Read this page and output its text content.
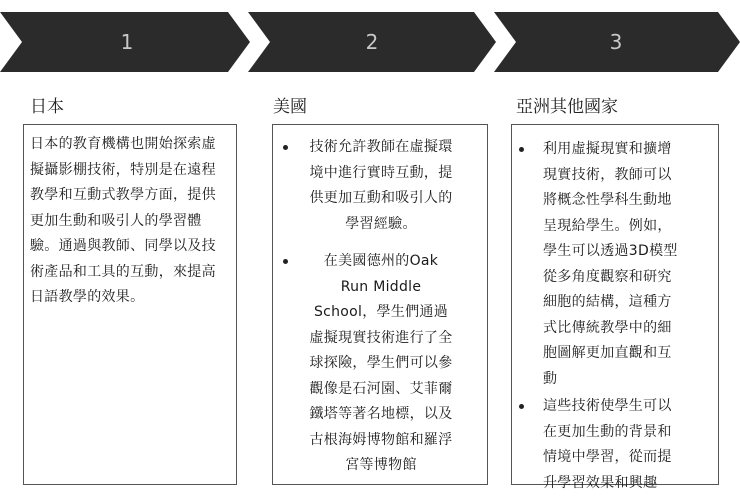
1	2	3
日本	美國	亞洲其他國家

日本的教育機構也開始探索虛擬攝影棚技術，特別是在遠程教學和互動式教學方面，提供更加生動和吸引人的學習體驗。通過與教師、同學以及技術產品和工具的互動，來提高日語教學的效果。

技術允許教師在虛擬環境中進行實時互動，提供更加互動和吸引人的學習經驗。

在美國德州的Oak Run Middle School，學生們通過虛擬現實技術進行了全球探險，學生們可以參觀像是石河園、艾菲爾鐵塔等著名地標，以及古根海姆博物館和羅浮宮等博物館

利用虛擬現實和擴增現實技術，教師可以將概念性學科生動地呈現給學生。例如，學生可以透過3D模型從多角度觀察和研究細胞的結構，這種方式比傳統教學中的細胞圖解更加直觀和互動

這些技術使學生可以在更加生動的背景和情境中學習，從而提升學習效果和興趣
